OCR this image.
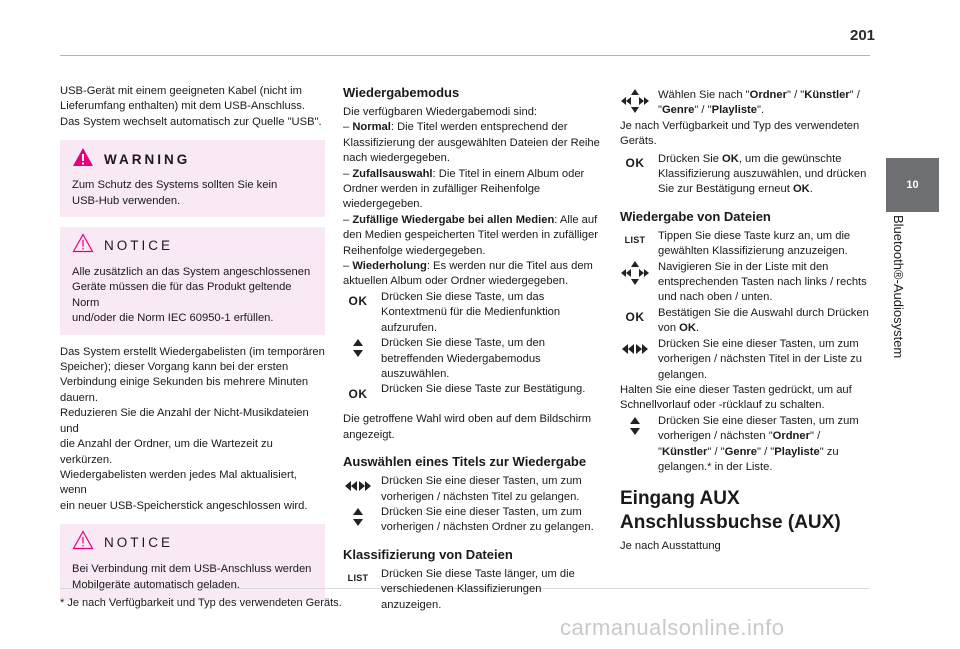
201
10
Bluetooth®-Audiosystem

USB-Gerät mit einem geeigneten Kabel (nicht im

Lieferumfang enthalten) mit dem USB-Anschluss.

Das System wechselt automatisch zur Quelle "USB".

WARNING

Zum Schutz des Systems sollten Sie kein

USB-Hub verwenden.

NOTICE

Alle zusätzlich an das System angeschlossenen

Geräte müssen die für das Produkt geltende Norm

und/oder die Norm IEC 60950-1 erfüllen.

Das System erstellt Wiedergabelisten (im temporären

Speicher); dieser Vorgang kann bei der ersten

Verbindung einige Sekunden bis mehrere Minuten

dauern.

Reduzieren Sie die Anzahl der Nicht-Musikdateien und

die Anzahl der Ordner, um die Wartezeit zu verkürzen.

Wiedergabelisten werden jedes Mal aktualisiert, wenn

ein neuer USB-Speicherstick angeschlossen wird.

NOTICE

Bei Verbindung mit dem USB-Anschluss werden

Mobilgeräte automatisch geladen.

* Je nach Verfügbarkeit und Typ des verwendeten Geräts.
Wiedergabemodus

Die verfügbaren Wiedergabemodi sind:

– Normal: Die Titel werden entsprechend der Klassifizierung der ausgewählten Dateien der Reihe nach wiedergegeben.

– Zufallsauswahl: Die Titel in einem Album oder Ordner werden in zufälliger Reihenfolge wiedergegeben.

– Zufällige Wiedergabe bei allen Medien: Alle auf den Medien gespeicherten Titel werden in zufälliger Reihenfolge wiedergegeben.

– Wiederholung: Es werden nur die Titel aus dem aktuellen Album oder Ordner wiedergegeben.

OK Drücken Sie diese Taste, um das Kontextmenü für die Medienfunktion aufzurufen.
Drücken Sie diese Taste, um den betreffenden Wiedergabemodus auszuwählen.
OK Drücken Sie diese Taste zur Bestätigung.

Die getroffene Wahl wird oben auf dem Bildschirm angezeigt.

Auswählen eines Titels zur Wiedergabe
Drücken Sie eine dieser Tasten, um zum vorherigen / nächsten Titel zu gelangen.
Drücken Sie eine dieser Tasten, um zum vorherigen / nächsten Ordner zu gelangen.
Klassifizierung von Dateien
LIST Drücken Sie diese Taste länger, um die verschiedenen Klassifizierungen anzuzeigen.
Wählen Sie nach "Ordner" / "Künstler" / "Genre" / "Playliste".

Je nach Verfügbarkeit und Typ des verwendeten Geräts.

OK Drücken Sie OK, um die gewünschte Klassifizierung auszuwählen, und drücken Sie zur Bestätigung erneut OK.
Wiedergabe von Dateien
LIST Tippen Sie diese Taste kurz an, um die gewählten Klassifizierung anzuzeigen.
Navigieren Sie in der Liste mit den entsprechenden Tasten nach links / rechts und nach oben / unten.
OK Bestätigen Sie die Auswahl durch Drücken von OK.
Drücken Sie eine dieser Tasten, um zum vorherigen / nächsten Titel in der Liste zu gelangen.

Halten Sie eine dieser Tasten gedrückt, um auf Schnellvorlauf oder -rücklauf zu schalten.

Drücken Sie eine dieser Tasten, um zum vorherigen / nächsten "Ordner" / "Künstler" / "Genre" / "Playliste" zu gelangen.* in der Liste.
Eingang AUX Anschlussbuchse (AUX)

Je nach Ausstattung

carmanualsonline.info
